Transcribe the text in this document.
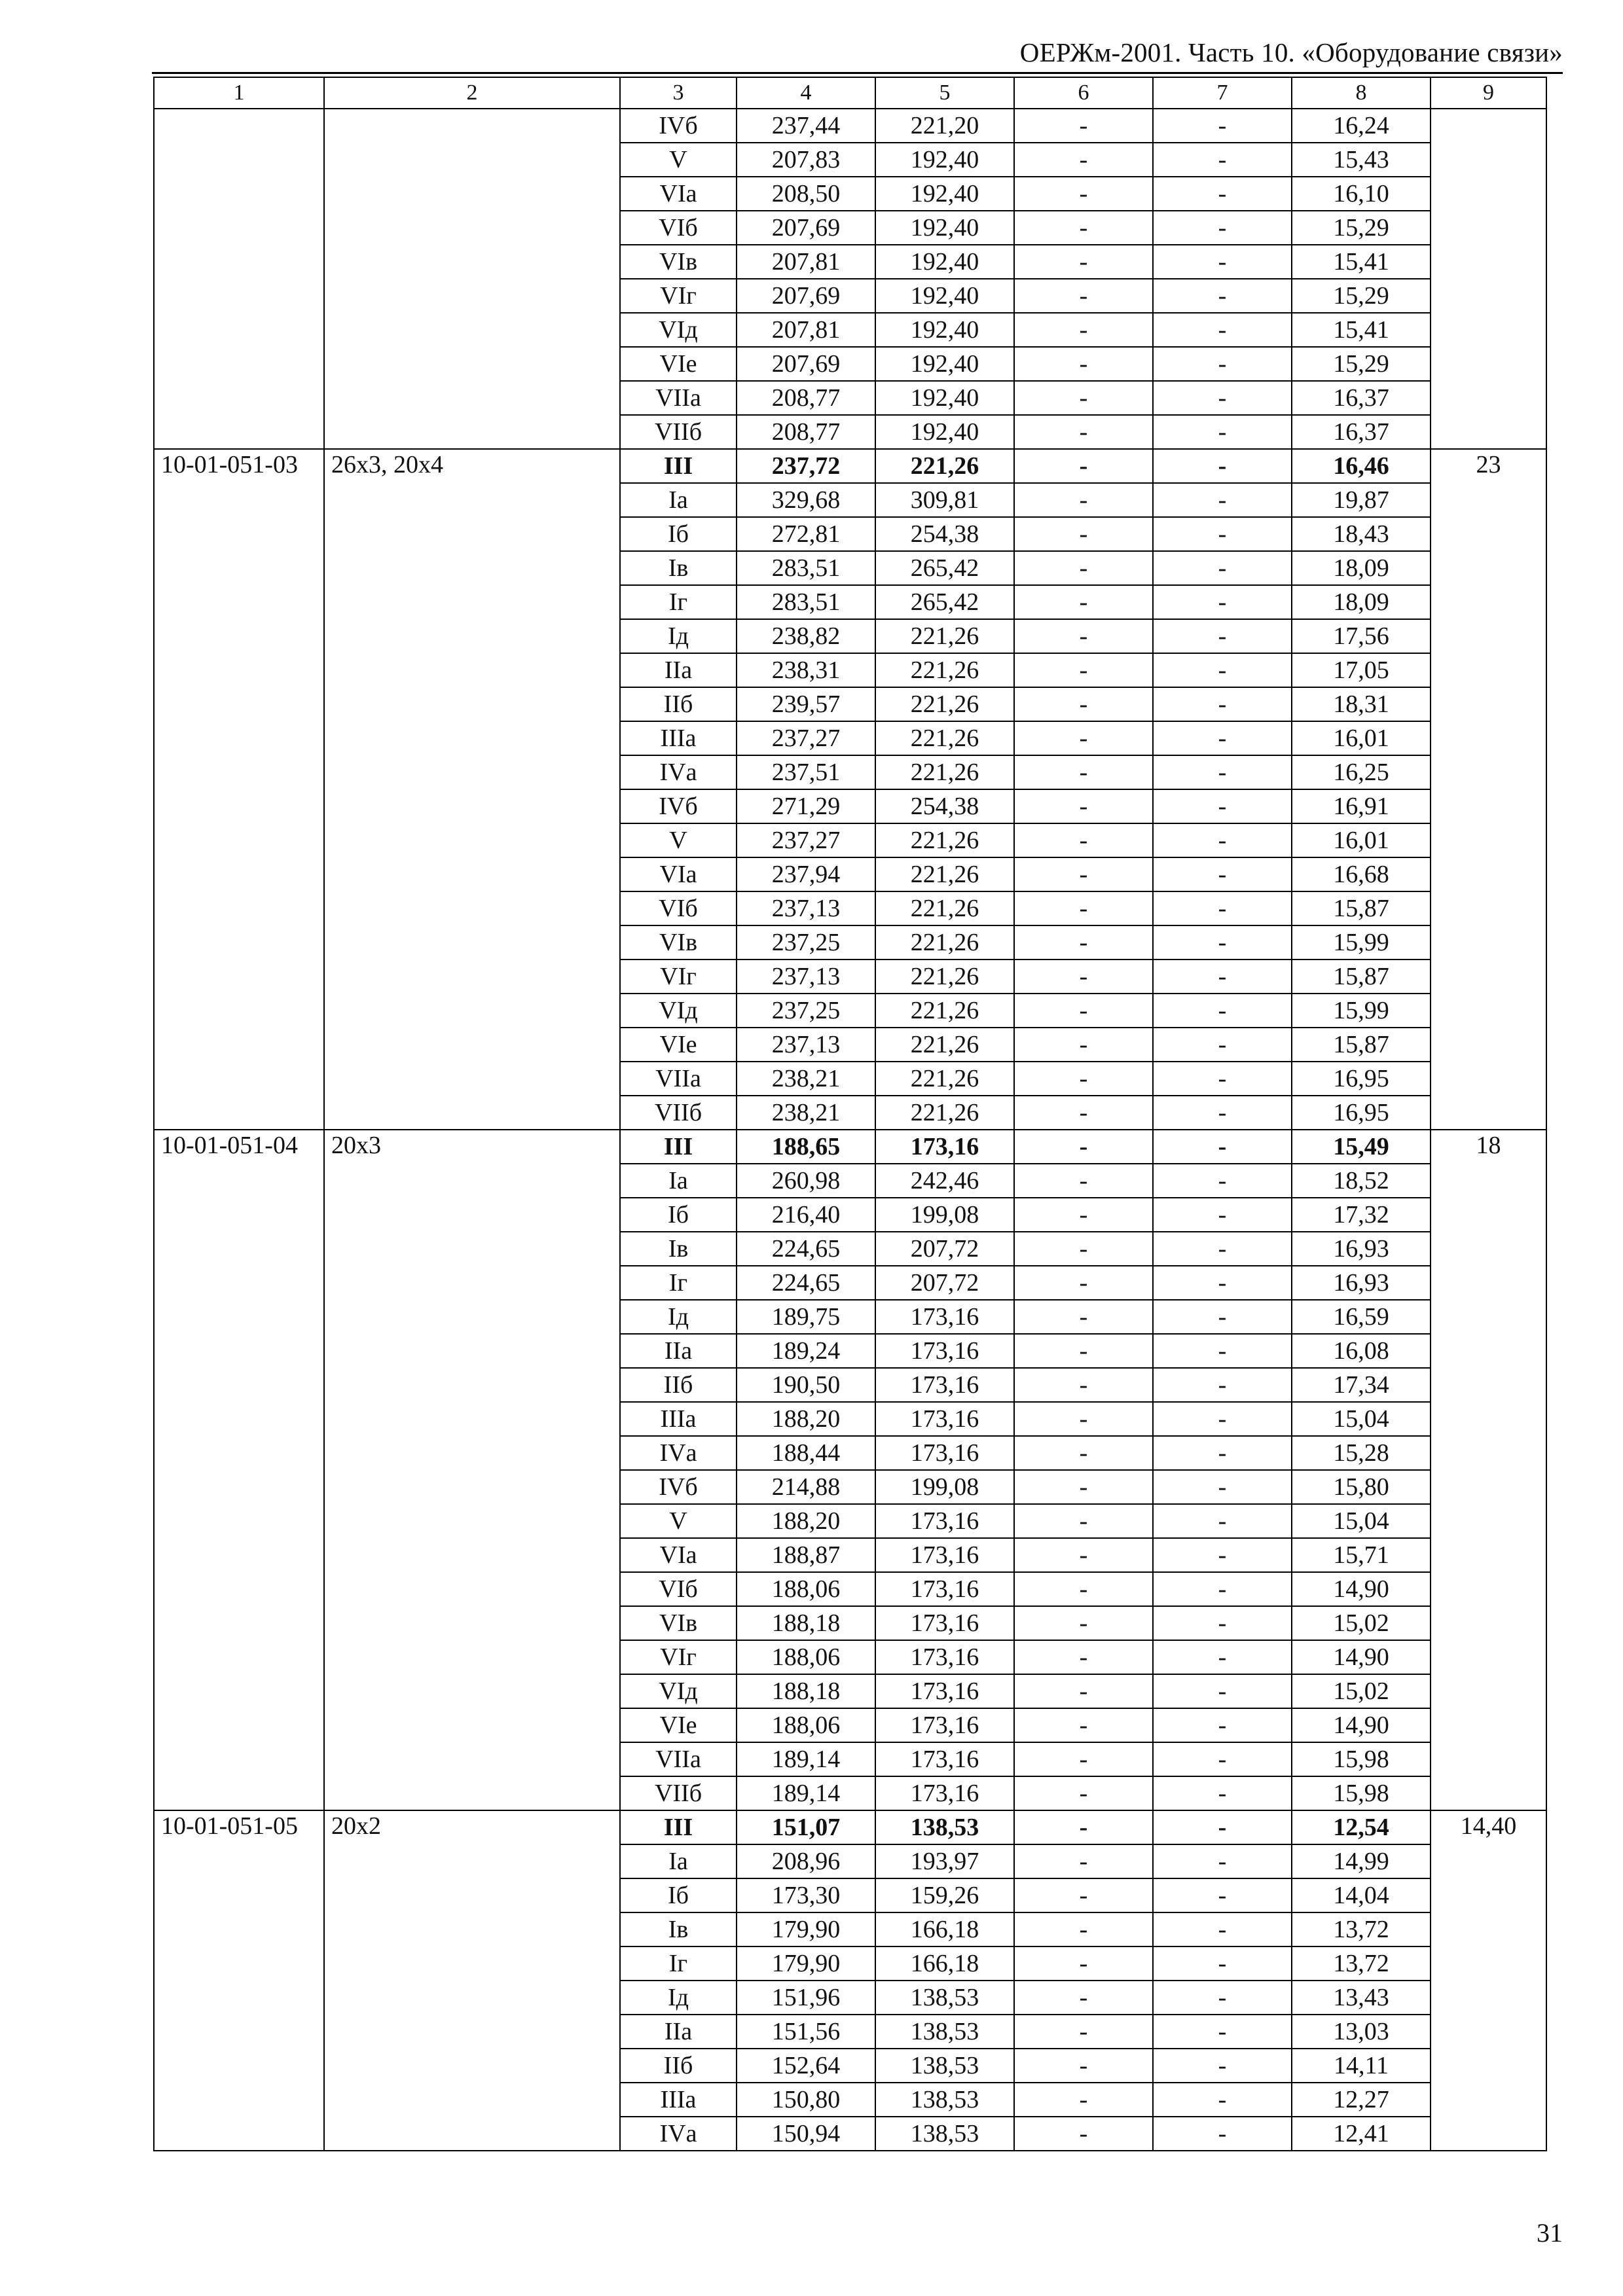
ОЕРЖм-2001. Часть 10. «Оборудование связи»
1	2	3	4	5	6	7	8	9
		IVб	237,44	221,20	-	-	16,24	
		V	207,83	192,40	-	-	15,43	
		VIа	208,50	192,40	-	-	16,10	
		VIб	207,69	192,40	-	-	15,29	
		VIв	207,81	192,40	-	-	15,41	
		VIг	207,69	192,40	-	-	15,29	
		VIд	207,81	192,40	-	-	15,41	
		VIе	207,69	192,40	-	-	15,29	
		VIIа	208,77	192,40	-	-	16,37	
		VIIб	208,77	192,40	-	-	16,37	
10-01-051-03	26х3, 20х4	III	237,72	221,26	-	-	16,46	23
		Iа	329,68	309,81	-	-	19,87	
		Iб	272,81	254,38	-	-	18,43	
		Iв	283,51	265,42	-	-	18,09	
		Iг	283,51	265,42	-	-	18,09	
		Iд	238,82	221,26	-	-	17,56	
		IIа	238,31	221,26	-	-	17,05	
		IIб	239,57	221,26	-	-	18,31	
		IIIа	237,27	221,26	-	-	16,01	
		IVа	237,51	221,26	-	-	16,25	
		IVб	271,29	254,38	-	-	16,91	
		V	237,27	221,26	-	-	16,01	
		VIа	237,94	221,26	-	-	16,68	
		VIб	237,13	221,26	-	-	15,87	
		VIв	237,25	221,26	-	-	15,99	
		VIг	237,13	221,26	-	-	15,87	
		VIд	237,25	221,26	-	-	15,99	
		VIе	237,13	221,26	-	-	15,87	
		VIIа	238,21	221,26	-	-	16,95	
		VIIб	238,21	221,26	-	-	16,95	
10-01-051-04	20х3	III	188,65	173,16	-	-	15,49	18
		Iа	260,98	242,46	-	-	18,52	
		Iб	216,40	199,08	-	-	17,32	
		Iв	224,65	207,72	-	-	16,93	
		Iг	224,65	207,72	-	-	16,93	
		Iд	189,75	173,16	-	-	16,59	
		IIа	189,24	173,16	-	-	16,08	
		IIб	190,50	173,16	-	-	17,34	
		IIIа	188,20	173,16	-	-	15,04	
		IVа	188,44	173,16	-	-	15,28	
		IVб	214,88	199,08	-	-	15,80	
		V	188,20	173,16	-	-	15,04	
		VIа	188,87	173,16	-	-	15,71	
		VIб	188,06	173,16	-	-	14,90	
		VIв	188,18	173,16	-	-	15,02	
		VIг	188,06	173,16	-	-	14,90	
		VIд	188,18	173,16	-	-	15,02	
		VIе	188,06	173,16	-	-	14,90	
		VIIа	189,14	173,16	-	-	15,98	
		VIIб	189,14	173,16	-	-	15,98	
10-01-051-05	20х2	III	151,07	138,53	-	-	12,54	14,40
		Iа	208,96	193,97	-	-	14,99	
		Iб	173,30	159,26	-	-	14,04	
		Iв	179,90	166,18	-	-	13,72	
		Iг	179,90	166,18	-	-	13,72	
		Iд	151,96	138,53	-	-	13,43	
		IIа	151,56	138,53	-	-	13,03	
		IIб	152,64	138,53	-	-	14,11	
		IIIа	150,80	138,53	-	-	12,27	
		IVа	150,94	138,53	-	-	12,41	
31
